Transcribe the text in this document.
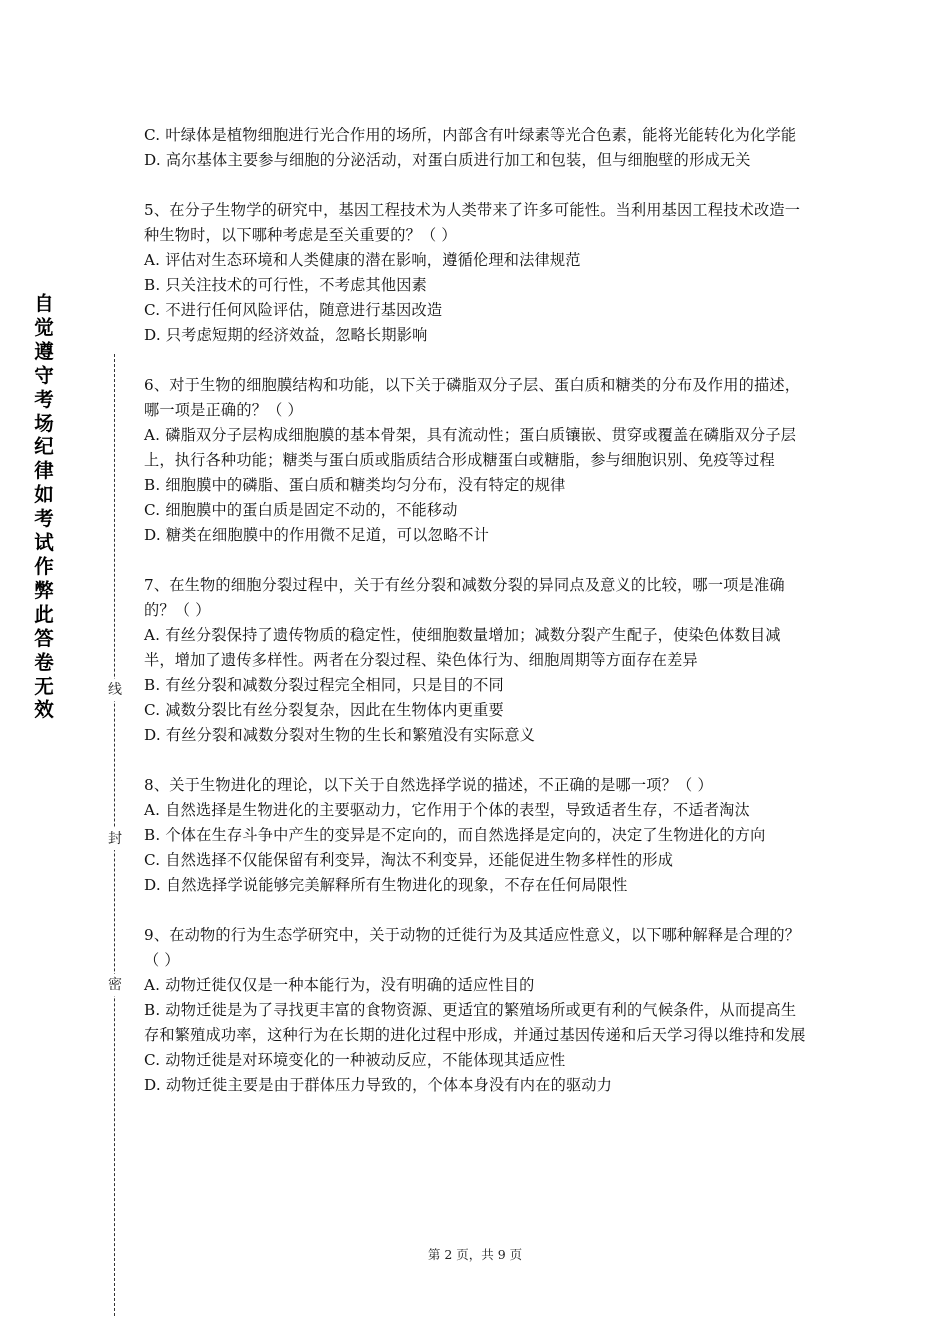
自觉遵守考场纪律如考试作弊此答卷无效
线
封
密
C. 叶绿体是植物细胞进行光合作用的场所，内部含有叶绿素等光合色素，能将光能转化为化学能
D. 高尔基体主要参与细胞的分泌活动，对蛋白质进行加工和包装，但与细胞壁的形成无关
5、在分子生物学的研究中，基因工程技术为人类带来了许多可能性。当利用基因工程技术改造一种生物时，以下哪种考虑是至关重要的？（ ）
A. 评估对生态环境和人类健康的潜在影响，遵循伦理和法律规范
B. 只关注技术的可行性，不考虑其他因素
C. 不进行任何风险评估，随意进行基因改造
D. 只考虑短期的经济效益，忽略长期影响
6、对于生物的细胞膜结构和功能，以下关于磷脂双分子层、蛋白质和糖类的分布及作用的描述，哪一项是正确的？（ ）
A. 磷脂双分子层构成细胞膜的基本骨架，具有流动性；蛋白质镶嵌、贯穿或覆盖在磷脂双分子层上，执行各种功能；糖类与蛋白质或脂质结合形成糖蛋白或糖脂，参与细胞识别、免疫等过程
B. 细胞膜中的磷脂、蛋白质和糖类均匀分布，没有特定的规律
C. 细胞膜中的蛋白质是固定不动的，不能移动
D. 糖类在细胞膜中的作用微不足道，可以忽略不计
7、在生物的细胞分裂过程中，关于有丝分裂和减数分裂的异同点及意义的比较，哪一项是准确的？（ ）
A. 有丝分裂保持了遗传物质的稳定性，使细胞数量增加；减数分裂产生配子，使染色体数目减半，增加了遗传多样性。两者在分裂过程、染色体行为、细胞周期等方面存在差异
B. 有丝分裂和减数分裂过程完全相同，只是目的不同
C. 减数分裂比有丝分裂复杂，因此在生物体内更重要
D. 有丝分裂和减数分裂对生物的生长和繁殖没有实际意义
8、关于生物进化的理论，以下关于自然选择学说的描述，不正确的是哪一项？（ ）
A. 自然选择是生物进化的主要驱动力，它作用于个体的表型，导致适者生存，不适者淘汰
B. 个体在生存斗争中产生的变异是不定向的，而自然选择是定向的，决定了生物进化的方向
C. 自然选择不仅能保留有利变异，淘汰不利变异，还能促进生物多样性的形成
D. 自然选择学说能够完美解释所有生物进化的现象，不存在任何局限性
9、在动物的行为生态学研究中，关于动物的迁徙行为及其适应性意义，以下哪种解释是合理的？（ ）
A. 动物迁徙仅仅是一种本能行为，没有明确的适应性目的
B. 动物迁徙是为了寻找更丰富的食物资源、更适宜的繁殖场所或更有利的气候条件，从而提高生存和繁殖成功率，这种行为在长期的进化过程中形成，并通过基因传递和后天学习得以维持和发展
C. 动物迁徙是对环境变化的一种被动反应，不能体现其适应性
D. 动物迁徙主要是由于群体压力导致的，个体本身没有内在的驱动力
第 2 页，共 9 页
